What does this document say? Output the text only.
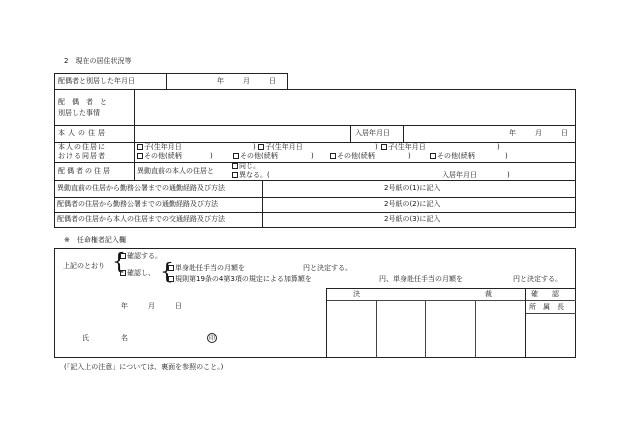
2　現在の居住状況等
配偶者と別居した年月日	年	月	日
配　偶　者　と
別居した事情
本人の住居	入居年月日	年	月	日
本人の住居に
おける同居者
子(生年月日	)	子(生年月日	)	子(生年月日	)
その他(続柄	)	その他(続柄	)	その他(続柄	)	その他(続柄	)
配偶者の住居	異動直前の本人の住居と
同じ。
異なる。(	入居年月日	)
異動直前の住居から勤務公署までの通勤経路及び方法	2号紙の(1)に記入
配偶者の住居から勤務公署までの通勤経路及び方法	2号紙の(2)に記入
配偶者の住居から本人の住居までの交通経路及び方法	2号紙の(3)に記入
※　任命権者記入欄
上記のとおり { 確認する。
確認し、 { 単身赴任手当の月額を	円と決定する。
規則第19条の4第3項の規定による加算額を	円、単身赴任手当の月額を	円と決定する。
決	裁	確　　認
所　属　長
年	月	日
氏	名	印
(「記入上の注意」については、裏面を参照のこと。)
